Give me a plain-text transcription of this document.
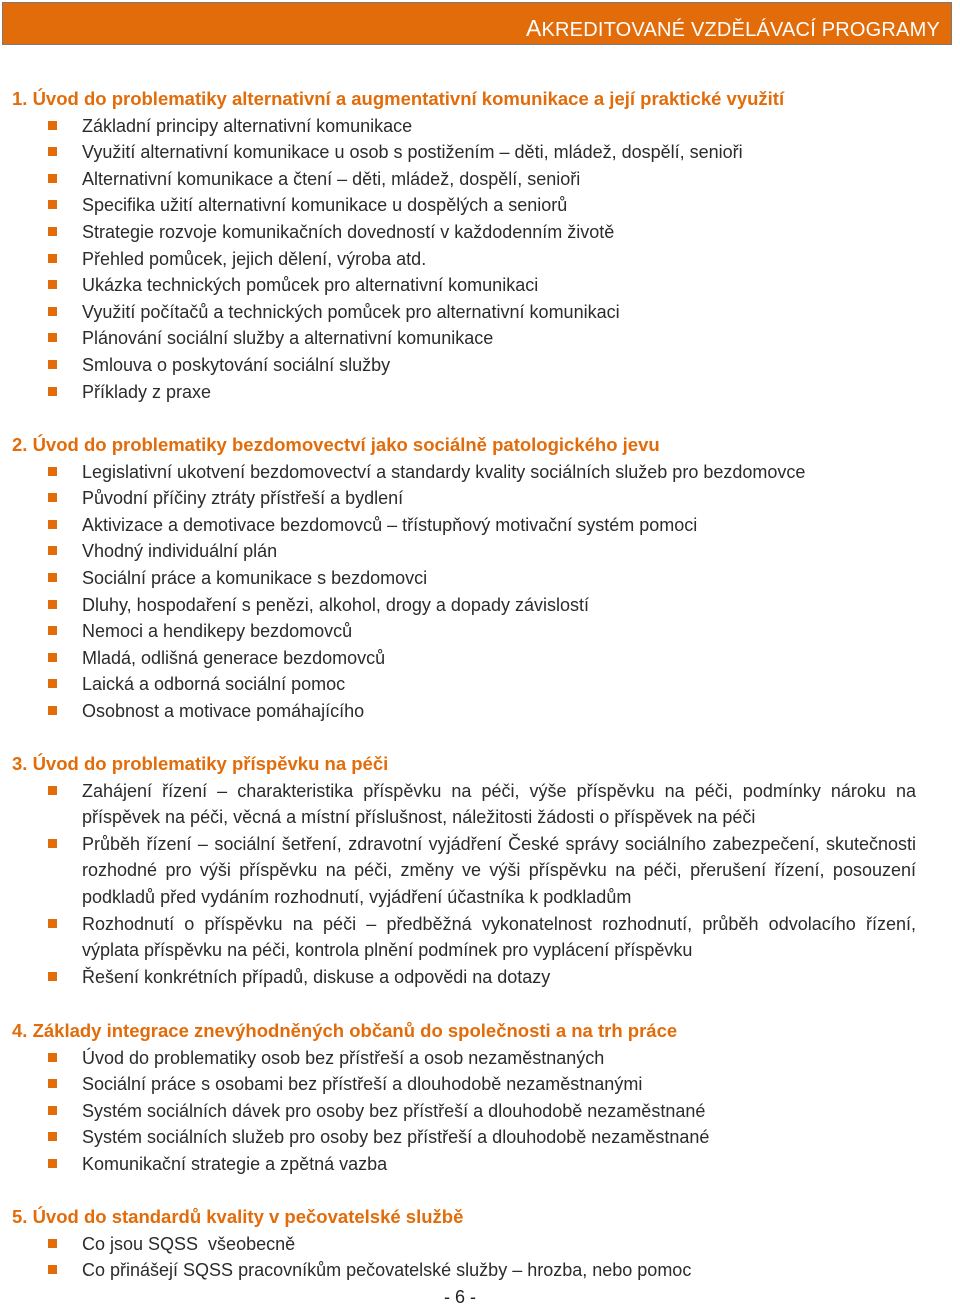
AKREDITOVANÉ VZDĚLÁVACÍ PROGRAMY
1. Úvod do problematiky alternativní a augmentativní komunikace a její praktické využití
Základní principy alternativní komunikace
Využití alternativní komunikace u osob s postižením – děti, mládež, dospělí, senioři
Alternativní komunikace a čtení – děti, mládež, dospělí, senioři
Specifika užití alternativní komunikace u dospělých a seniorů
Strategie rozvoje komunikačních dovedností v každodenním životě
Přehled pomůcek, jejich dělení, výroba atd.
Ukázka technických pomůcek pro alternativní komunikaci
Využití počítačů a technických pomůcek pro alternativní komunikaci
Plánování sociální služby a alternativní komunikace
Smlouva o poskytování sociální služby
Příklady z praxe
2. Úvod do problematiky bezdomovectví jako sociálně patologického jevu
Legislativní ukotvení bezdomovectví a standardy kvality sociálních služeb pro bezdomovce
Původní příčiny ztráty přístřeší a bydlení
Aktivizace a demotivace bezdomovců – třístupňový motivační systém pomoci
Vhodný individuální plán
Sociální práce a komunikace s bezdomovci
Dluhy, hospodaření s penězi, alkohol, drogy a dopady závislostí
Nemoci a hendikepy bezdomovců
Mladá, odlišná generace bezdomovců
Laická a odborná sociální pomoc
Osobnost a motivace pomáhajícího
3. Úvod do problematiky příspěvku na péči
Zahájení řízení – charakteristika příspěvku na péči, výše příspěvku na péči, podmínky nároku na příspěvek na péči, věcná a místní příslušnost, náležitosti žádosti o příspěvek na péči
Průběh řízení – sociální šetření, zdravotní vyjádření České správy sociálního zabezpečení, skutečnosti rozhodné pro výši příspěvku na péči, změny ve výši příspěvku na péči, přerušení řízení, posouzení podkladů před vydáním rozhodnutí, vyjádření účastníka k podkladům
Rozhodnutí o příspěvku na péči – předběžná vykonatelnost rozhodnutí, průběh odvolacího řízení, výplata příspěvku na péči, kontrola plnění podmínek pro vyplácení příspěvku
Řešení konkrétních případů, diskuse a odpovědi na dotazy
4. Základy integrace znevýhodněných občanů do společnosti a na trh práce
Úvod do problematiky osob bez přístřeší a osob nezaměstnaných
Sociální práce s osobami bez přístřeší a dlouhodobě nezaměstnanými
Systém sociálních dávek pro osoby bez přístřeší a dlouhodobě nezaměstnané
Systém sociálních služeb pro osoby bez přístřeší a dlouhodobě nezaměstnané
Komunikační strategie a zpětná vazba
5. Úvod do standardů kvality v pečovatelské službě
Co jsou SQSS  všeobecně
Co přinášejí SQSS pracovníkům pečovatelské služby – hrozba, nebo pomoc
- 6 -
